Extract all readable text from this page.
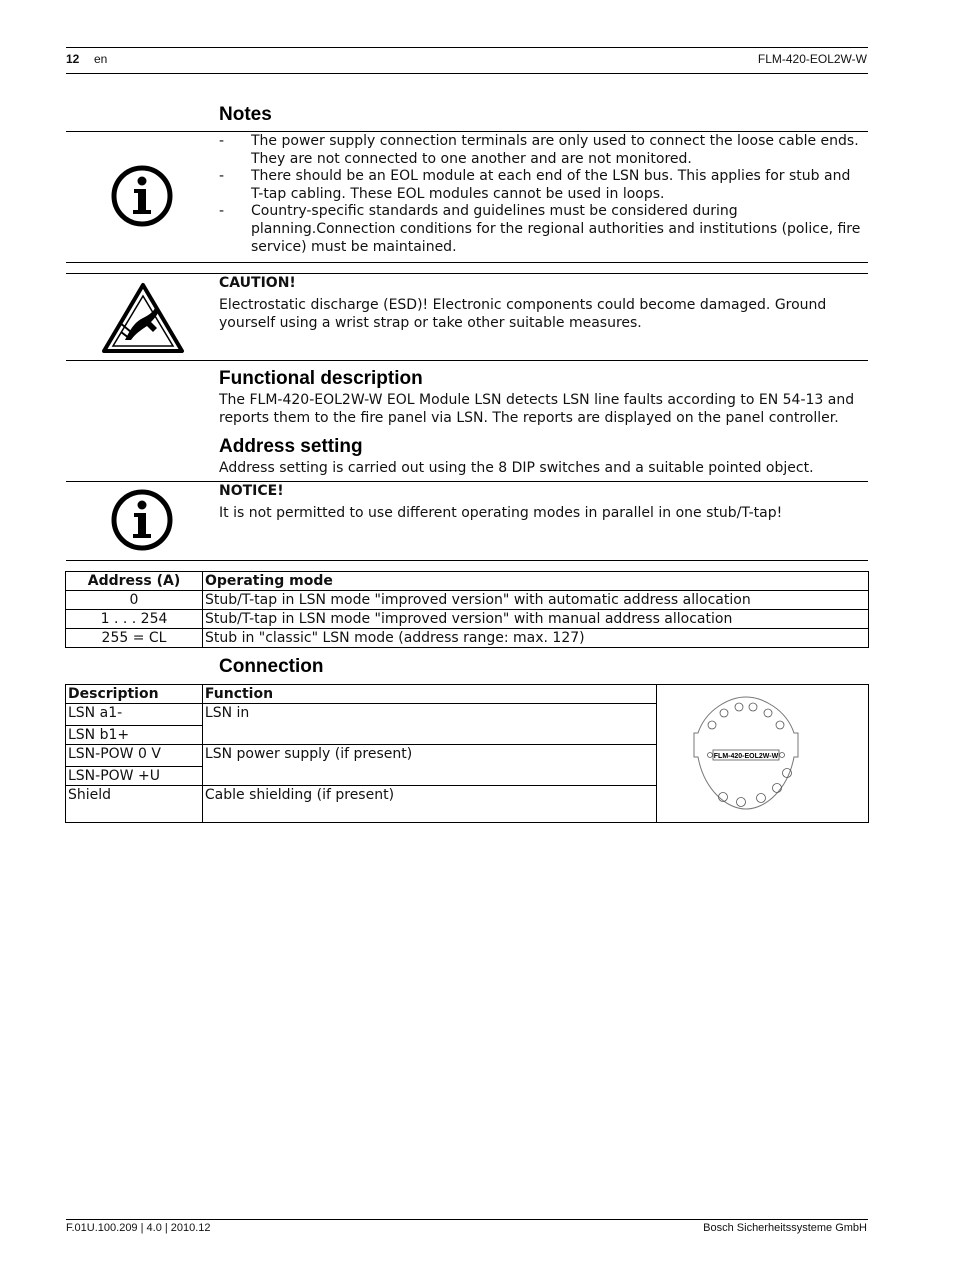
12 en	FLM-420-EOL2W-W
Notes
- The power supply connection terminals are only used to connect the loose cable ends. They are not connected to one another and are not monitored.
- There should be an EOL module at each end of the LSN bus. This applies for stub and T-tap cabling. These EOL modules cannot be used in loops.
- Country-specific standards and guidelines must be considered during planning.Connection conditions for the regional authorities and institutions (police, fire service) must be maintained.
CAUTION!
Electrostatic discharge (ESD)! Electronic components could become damaged. Ground yourself using a wrist strap or take other suitable measures.
Functional description
The FLM-420-EOL2W-W EOL Module LSN detects LSN line faults according to EN 54-13 and reports them to the fire panel via LSN. The reports are displayed on the panel controller.
Address setting
Address setting is carried out using the 8 DIP switches and a suitable pointed object.
NOTICE!
It is not permitted to use different operating modes in parallel in one stub/T-tap!
Address (A)	Operating mode
0	Stub/T-tap in LSN mode "improved version" with automatic address allocation
1 . . . 254	Stub/T-tap in LSN mode "improved version" with manual address allocation
255 = CL	Stub in "classic" LSN mode (address range: max. 127)
Connection
Description	Function	FLM-420-EOL2W-W

LSN a1-	LSN in	
LSN b1+		
LSN-POW 0 V	LSN power supply (if present)	
LSN-POW +U		
Shield	Cable shielding (if present)	
F.01U.100.209 | 4.0 | 2010.12	Bosch Sicherheitssysteme GmbH
